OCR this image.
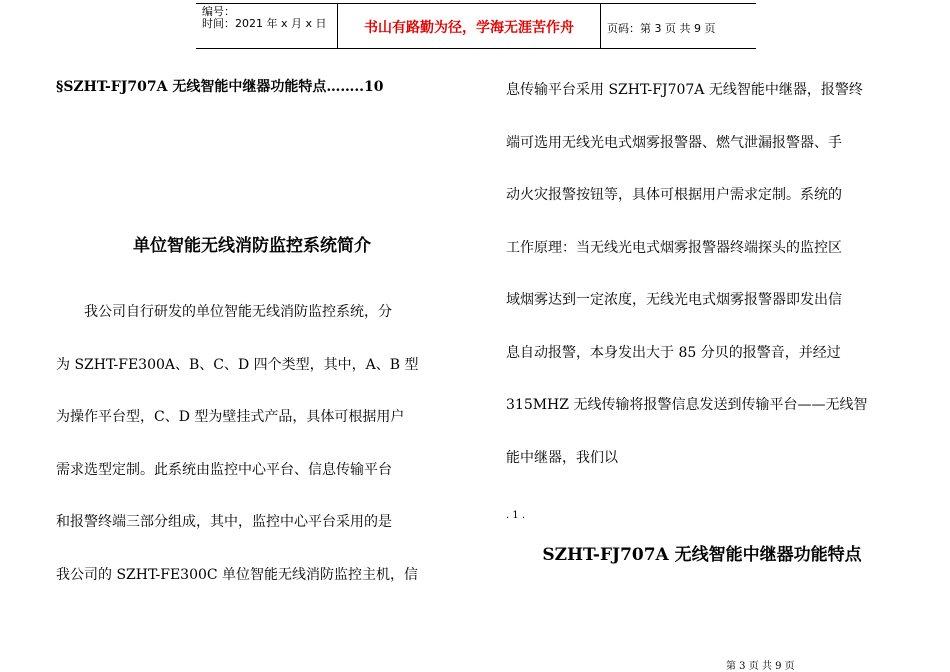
编号：
时间：2021 年 x 月 x 日	书山有路勤为径，学海无涯苦作舟	页码：第 3 页 共 9 页
§SZHT-FJ707A 无线智能中继器功能特点……..10
单位智能无线消防监控系统简介
　　我公司自行研发的单位智能无线消防监控系统，分
为 SZHT-FE300A、B、C、D 四个类型，其中，A、B 型
为操作平台型，C、D 型为壁挂式产品，具体可根据用户
需求选型定制。此系统由监控中心平台、信息传输平台
和报警终端三部分组成，其中，监控中心平台采用的是
我公司的 SZHT-FE300C 单位智能无线消防监控主机，信
息传输平台采用 SZHT-FJ707A 无线智能中继器，报警终
端可选用无线光电式烟雾报警器、燃气泄漏报警器、手
动火灾报警按钮等，具体可根据用户需求定制。系统的
工作原理：当无线光电式烟雾报警器终端探头的监控区
域烟雾达到一定浓度，无线光电式烟雾报警器即发出信
息自动报警，本身发出大于 85 分贝的报警音，并经过
315MHZ 无线传输将报警信息发送到传输平台——无线智
能中继器，我们以
. 1 .
SZHT-FJ707A 无线智能中继器功能特点
第 3 页 共 9 页
